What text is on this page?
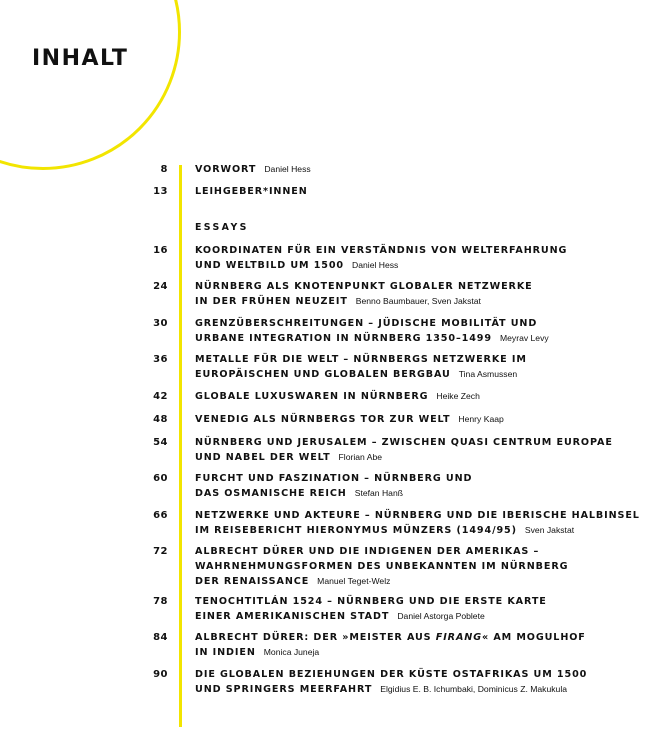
INHALT
8	VORWORT Daniel Hess
13	LEIHGEBER*INNEN
ESSAYS
16	KOORDINATEN FÜR EIN VERSTÄNDNIS VON WELTERFAHRUNG
UND WELTBILD UM 1500 Daniel Hess
24	NÜRNBERG ALS KNOTENPUNKT GLOBALER NETZWERKE
IN DER FRÜHEN NEUZEIT Benno Baumbauer, Sven Jakstat
30	GRENZÜBERSCHREITUNGEN – JÜDISCHE MOBILITÄT UND
URBANE INTEGRATION IN NÜRNBERG 1350–1499 Meyrav Levy
36	METALLE FÜR DIE WELT – NÜRNBERGS NETZWERKE IM
EUROPÄISCHEN UND GLOBALEN BERGBAU Tina Asmussen
42	GLOBALE LUXUSWAREN IN NÜRNBERG Heike Zech
48	VENEDIG ALS NÜRNBERGS TOR ZUR WELT Henry Kaap
54	NÜRNBERG UND JERUSALEM – ZWISCHEN QUASI CENTRUM EUROPAE
UND NABEL DER WELT Florian Abe
60	FURCHT UND FASZINATION – NÜRNBERG UND
DAS OSMANISCHE REICH Stefan Hanß
66	NETZWERKE UND AKTEURE – NÜRNBERG UND DIE IBERISCHE HALBINSEL
IM REISEBERICHT HIERONYMUS MÜNZERS (1494/95) Sven Jakstat
72	ALBRECHT DÜRER UND DIE INDIGENEN DER AMERIKAS –
WAHRNEHMUNGSFORMEN DES UNBEKANNTEN IM NÜRNBERG
DER RENAISSANCE Manuel Teget-Welz
78	TENOCHTITLÁN 1524 – NÜRNBERG UND DIE ERSTE KARTE
EINER AMERIKANISCHEN STADT Daniel Astorga Poblete
84	ALBRECHT DÜRER: DER »MEISTER AUS FIRANG« AM MOGULHOF
IN INDIEN Monica Juneja
90	DIE GLOBALEN BEZIEHUNGEN DER KÜSTE OSTAFRIKAS UM 1500
UND SPRINGERS MEERFAHRT Elgidius E. B. Ichumbaki, Dominicus Z. Makukula
